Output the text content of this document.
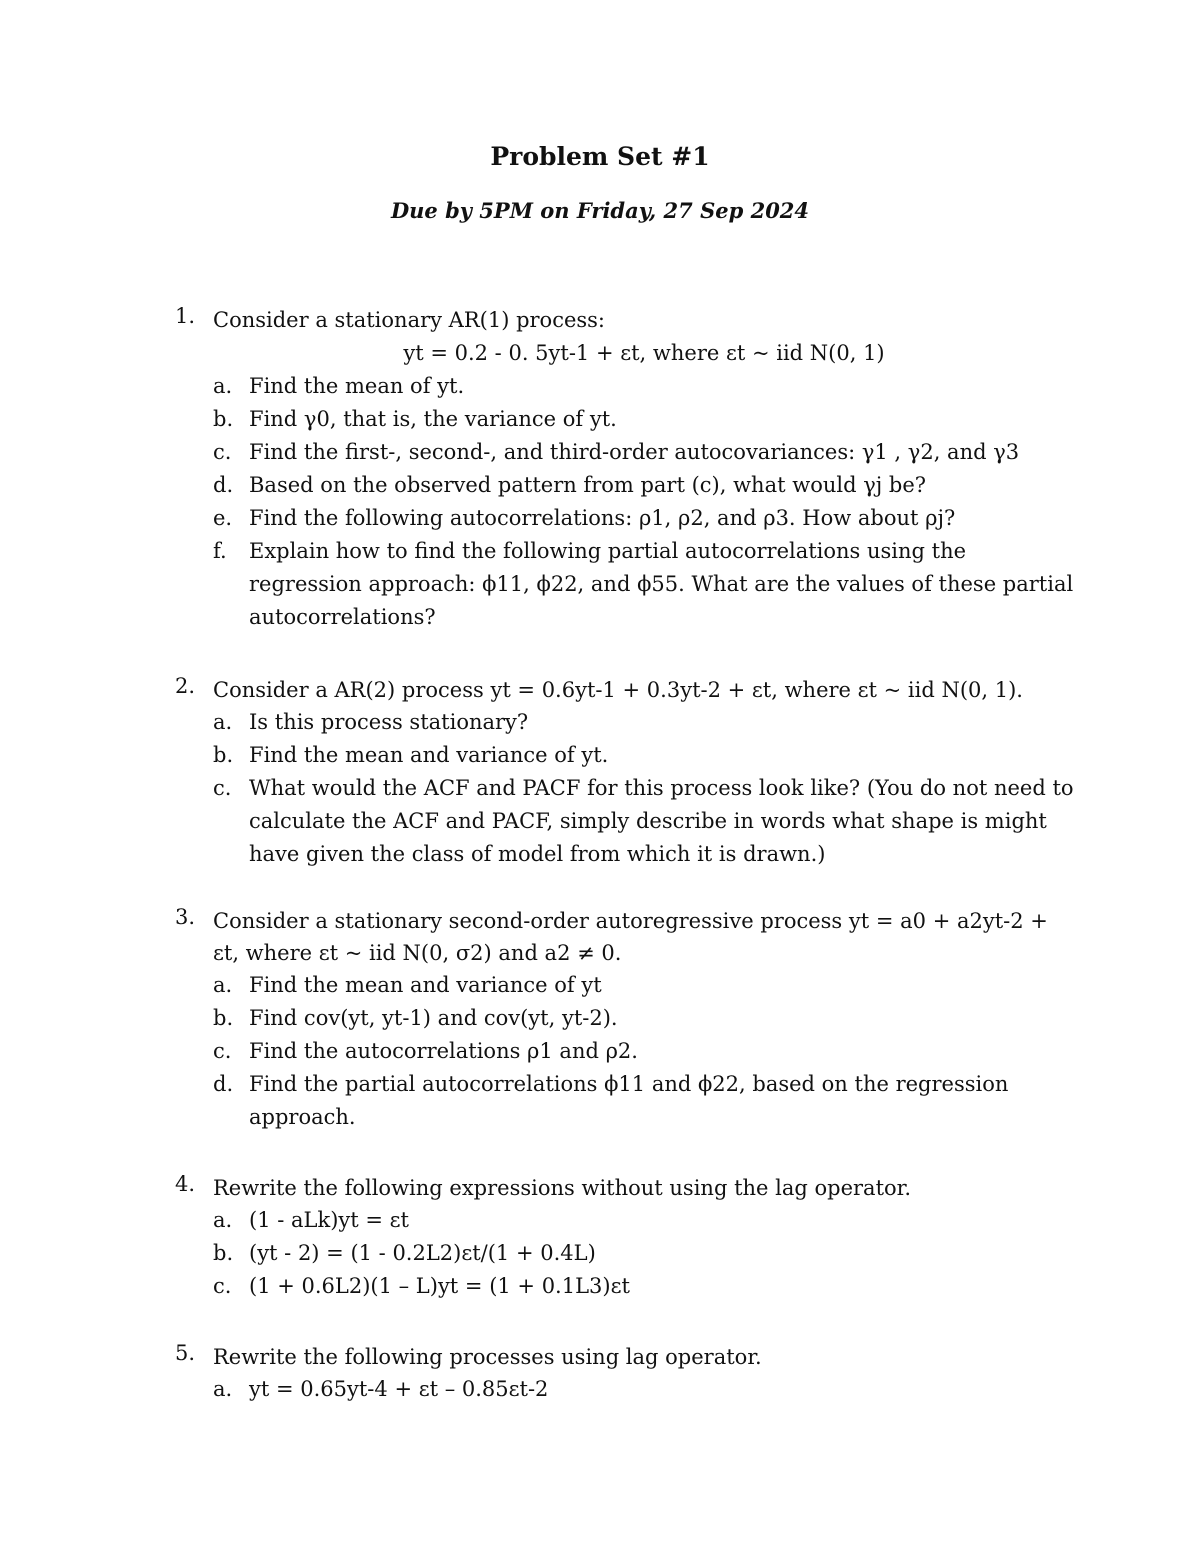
Problem Set #1
Due by 5PM on Friday, 27 Sep 2024
1. Consider a stationary AR(1) process:
yt = 0.2 - 0. 5yt-1 + εt, where εt ~ iid N(0, 1)
a. Find the mean of yt.
b. Find γ0, that is, the variance of yt.
c. Find the first-, second-, and third-order autocovariances: γ1 , γ2, and γ3
d. Based on the observed pattern from part (c), what would γj be?
e. Find the following autocorrelations: ρ1, ρ2, and ρ3. How about ρj?
f. Explain how to find the following partial autocorrelations using the regression approach: ϕ11, ϕ22, and ϕ55. What are the values of these partial autocorrelations?
2. Consider a AR(2) process yt = 0.6yt-1 + 0.3yt-2 + εt, where εt ~ iid N(0, 1).
a. Is this process stationary?
b. Find the mean and variance of yt.
c. What would the ACF and PACF for this process look like? (You do not need to calculate the ACF and PACF, simply describe in words what shape is might have given the class of model from which it is drawn.)
3. Consider a stationary second-order autoregressive process yt = a0 + a2yt-2 + εt, where εt ~ iid N(0, σ2) and a2 ≠ 0.
a. Find the mean and variance of yt
b. Find cov(yt, yt-1) and cov(yt, yt-2).
c. Find the autocorrelations ρ1 and ρ2.
d. Find the partial autocorrelations ϕ11 and ϕ22, based on the regression approach.
4. Rewrite the following expressions without using the lag operator.
a. (1 - aLk)yt = εt
b. (yt - 2) = (1 - 0.2L2)εt/(1 + 0.4L)
c. (1 + 0.6L2)(1 – L)yt = (1 + 0.1L3)εt
5. Rewrite the following processes using lag operator.
a. yt = 0.65yt-4 + εt – 0.85εt-2
